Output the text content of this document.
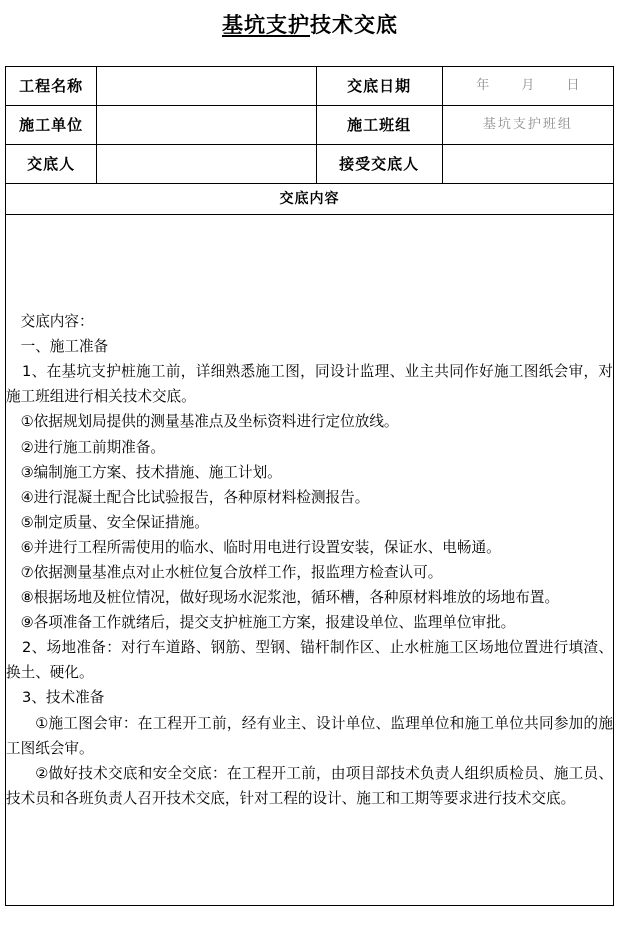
基坑支护技术交底
工程名称		交底日期	年 月 日
施工单位		施工班组	基坑支护班组
交底人		接受交底人	
交底内容			

交底内容：

一、施工准备

1、在基坑支护桩施工前，详细熟悉施工图，同设计监理、业主共同作好施工图纸会审，对施工班组进行相关技术交底。

①依据规划局提供的测量基准点及坐标资料进行定位放线。

②进行施工前期准备。

③编制施工方案、技术措施、施工计划。

④进行混凝土配合比试验报告，各种原材料检测报告。

⑤制定质量、安全保证措施。

⑥并进行工程所需使用的临水、临时用电进行设置安装，保证水、电畅通。

⑦依据测量基准点对止水桩位复合放样工作，报监理方检查认可。

⑧根据场地及桩位情况，做好现场水泥浆池，循环槽，各种原材料堆放的场地布置。

⑨各项准备工作就绪后，提交支护桩施工方案，报建设单位、监理单位审批。

2、场地准备：对行车道路、钢筋、型钢、锚杆制作区、止水桩施工区场地位置进行填渣、换土、硬化。

3、技术准备

①施工图会审：在工程开工前，经有业主、设计单位、监理单位和施工单位共同参加的施工图纸会审。

②做好技术交底和安全交底：在工程开工前，由项目部技术负责人组织质检员、施工员、技术员和各班负责人召开技术交底，针对工程的设计、施工和工期等要求进行技术交底。
